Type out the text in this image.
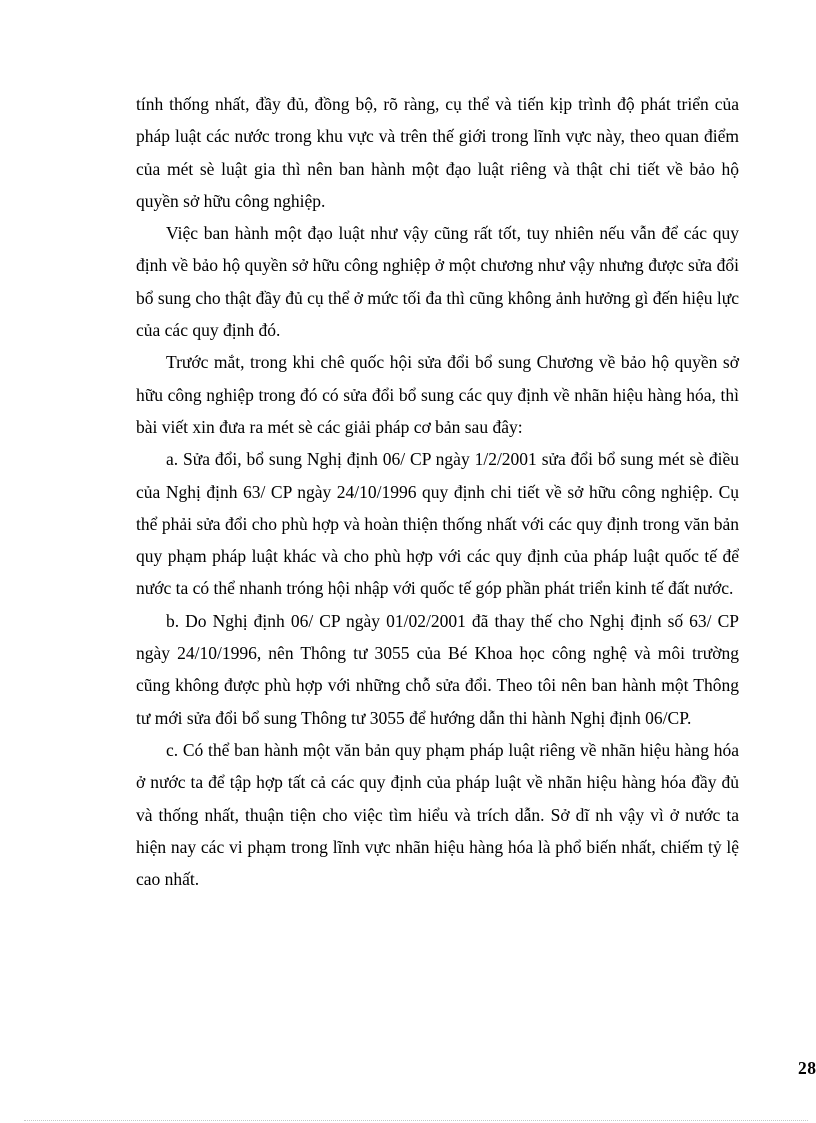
tính thống nhất, đầy đủ, đồng bộ, rõ ràng, cụ thể và tiến kịp trình độ phát triển của pháp luật các nước trong khu vực và trên thế giới trong lĩnh vực này, theo quan điểm của mét sè luật gia thì nên ban hành một đạo luật riêng và thật chi tiết về bảo hộ quyền sở hữu công nghiệp.

Việc ban hành một đạo luật như vậy cũng rất tốt, tuy nhiên nếu vẫn để các quy định về bảo hộ quyền sở hữu công nghiệp ở một chương như vậy nhưng được sửa đổi bổ sung cho thật đầy đủ cụ thể ở mức tối đa thì cũng không ảnh hưởng gì đến hiệu lực của các quy định đó.

Trước mắt, trong khi chê quốc hội sửa đổi bổ sung Chương về bảo hộ quyền sở hữu công nghiệp trong đó có sửa đổi bổ sung các quy định về nhãn hiệu hàng hóa, thì bài viết xin đưa ra mét sè các giải pháp cơ bản sau đây:

a. Sửa đổi, bổ sung Nghị định 06/ CP ngày 1/2/2001 sửa đổi bổ sung mét sè điều của Nghị định 63/ CP ngày 24/10/1996 quy định chi tiết về sở hữu công nghiệp. Cụ thể phải sửa đổi cho phù hợp và hoàn thiện thống nhất với các quy định trong văn bản quy phạm pháp luật khác và cho phù hợp với các quy định của pháp luật quốc tế để nước ta có thể nhanh tróng hội nhập với quốc tế góp phần phát triển kinh tế đất nước.

b. Do Nghị định 06/ CP ngày 01/02/2001 đã thay thế cho Nghị định số 63/ CP ngày 24/10/1996, nên Thông tư 3055 của Bé Khoa học công nghệ và môi trường cũng không được phù hợp với những chỗ sửa đổi. Theo tôi nên ban hành một Thông tư mới sửa đổi bổ sung Thông tư 3055 để hướng dẫn thi hành Nghị định 06/CP.

c. Có thể ban hành một văn bản quy phạm pháp luật riêng về nhãn hiệu hàng hóa ở nước ta để tập hợp tất cả các quy định của pháp luật về nhãn hiệu hàng hóa đầy đủ và thống nhất, thuận tiện cho việc tìm hiểu và trích dẫn. Sở dĩ nh vậy vì ở nước ta hiện nay các vi phạm trong lĩnh vực nhãn hiệu hàng hóa là phổ biến nhất, chiếm tỷ lệ cao nhất.

28
